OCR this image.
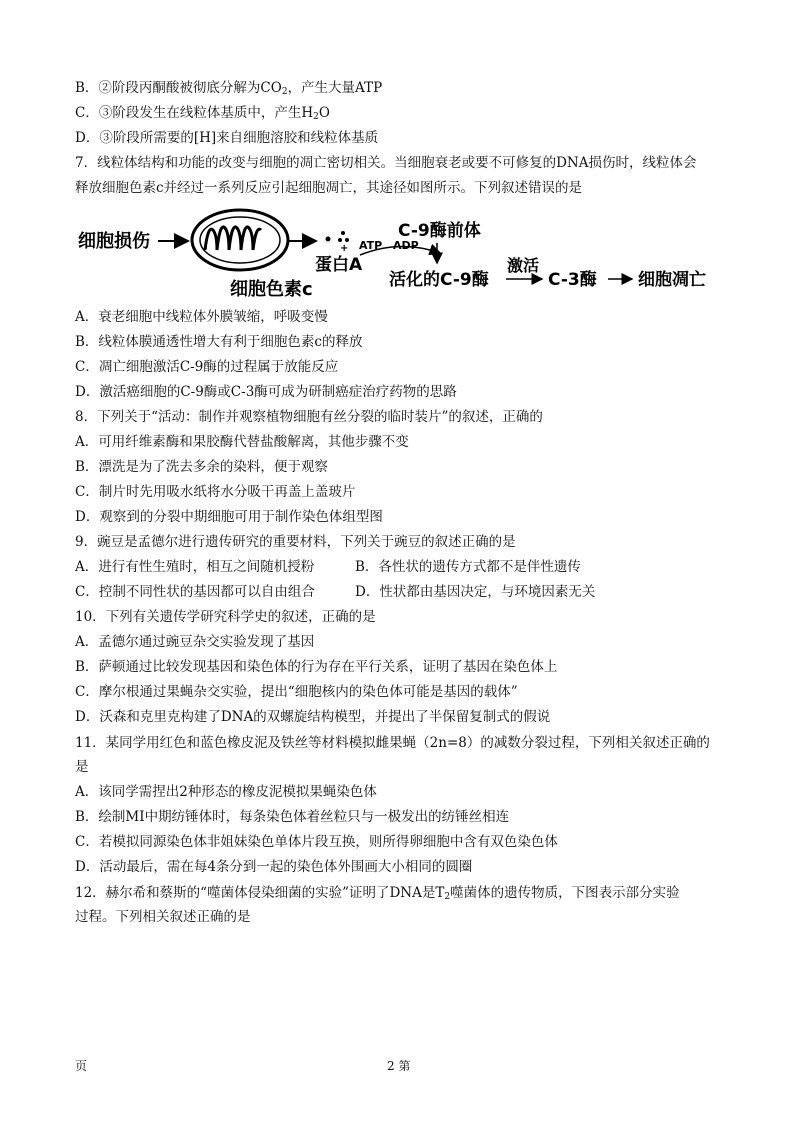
B．②阶段丙酮酸被彻底分解为$CO_2$，产生大量ATP
C．③阶段发生在线粒体基质中，产生$H_2O$
D．③阶段所需要的[H]来自细胞溶胶和线粒体基质
7．线粒体结构和功能的改变与细胞的凋亡密切相关。当细胞衰老或要不可修复的DNA损伤时，线粒体会
释放细胞色素c并经过一系列反应引起细胞凋亡，其途径如图所示。下列叙述错误的是
细胞损伤
细胞色素c
+
蛋白A
ATP ADP
C-9酶前体
活化的C-9酶
激活
C-3酶 细胞凋亡
A．衰老细胞中线粒体外膜皱缩，呼吸变慢
B．线粒体膜通透性增大有利于细胞色素c的释放
C．凋亡细胞激活C-9酶的过程属于放能反应
D．激活癌细胞的C-9酶或C-3酶可成为研制癌症治疗药物的思路
8．下列关于“活动：制作并观察植物细胞有丝分裂的临时装片”的叙述，正确的
A．可用纤维素酶和果胶酶代替盐酸解离，其他步骤不变
B．漂洗是为了洗去多余的染料，便于观察
C．制片时先用吸水纸将水分吸干再盖上盖玻片
D．观察到的分裂中期细胞可用于制作染色体组型图
9．豌豆是孟德尔进行遗传研究的重要材料，下列关于豌豆的叙述正确的是
A．进行有性生殖时，相互之间随机授粉	B．各性状的遗传方式都不是伴性遗传
C．控制不同性状的基因都可以自由组合	D．性状都由基因决定，与环境因素无关
10．下列有关遗传学研究科学史的叙述，正确的是
A．孟德尔通过豌豆杂交实验发现了基因
B．萨顿通过比较发现基因和染色体的行为存在平行关系，证明了基因在染色体上
C．摩尔根通过果蝇杂交实验，提出“细胞核内的染色体可能是基因的载体”
D．沃森和克里克构建了DNA的双螺旋结构模型，并提出了半保留复制式的假说
11．某同学用红色和蓝色橡皮泥及铁丝等材料模拟雌果蝇（2n=8）的减数分裂过程，下列相关叙述正确的
是
A．该同学需捏出2种形态的橡皮泥模拟果蝇染色体
B．绘制MⅠ中期纺锤体时，每条染色体着丝粒只与一极发出的纺锤丝相连
C．若模拟同源染色体非姐妹染色单体片段互换，则所得卵细胞中含有双色染色体
D．活动最后，需在每4条分到一起的染色体外围画大小相同的圆圈
12．赫尔希和蔡斯的“噬菌体侵染细菌的实验”证明了DNA是$T_2$噬菌体的遗传物质，下图表示部分实验
过程。下列相关叙述正确的是
页	2 第
